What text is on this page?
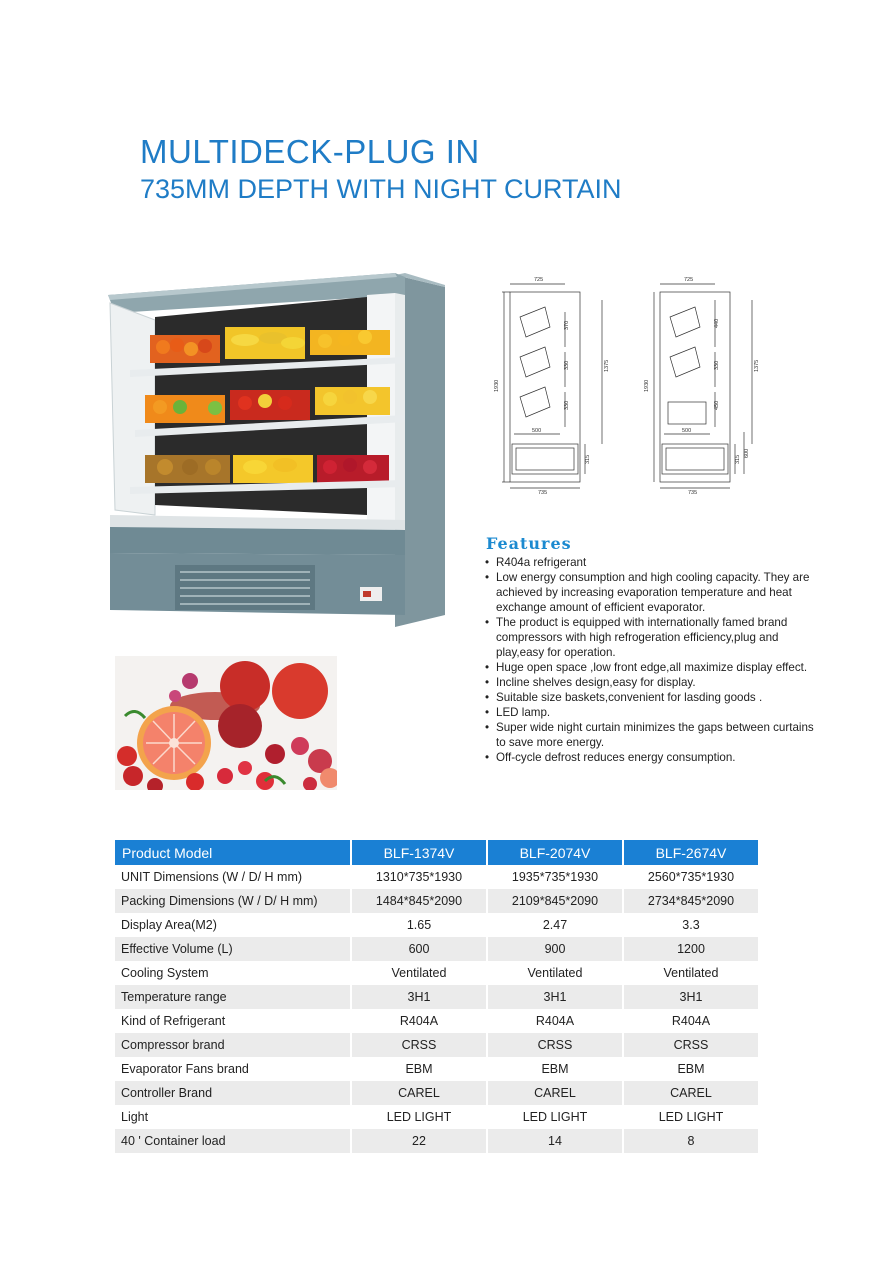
MULTIDECK-PLUG IN
735MM DEPTH WITH NIGHT CURTAIN
725
1930
1375
370
330
330
500
315
735
725
1930
1375
440
330
450
500
315
600
735
Features
• R404a refrigerant
• Low energy consumption and high cooling capacity. They are achieved by increasing evaporation temperature and heat exchange amount of efficient evaporator.
• The product is equipped with internationally famed brand compressors with high refrogeration efficiency,plug and play,easy for operation.
• Huge open space ,low front edge,all maximize display effect.
• Incline shelves design,easy for display.
• Suitable size baskets,convenient for lasding goods .
• LED lamp.
• Super wide night curtain minimizes the gaps between curtains to save more energy.
• Off-cycle defrost reduces energy consumption.
Product Model	BLF-1374V	BLF-2074V	BLF-2674V
UNIT Dimensions (W / D/ H mm)	1310*735*1930	1935*735*1930	2560*735*1930
Packing Dimensions (W / D/ H mm)	1484*845*2090	2109*845*2090	2734*845*2090
Display Area(M2)	1.65	2.47	3.3
Effective Volume (L)	600	900	1200
Cooling System	Ventilated	Ventilated	Ventilated
Temperature range	3H1	3H1	3H1
Kind of Refrigerant	R404A	R404A	R404A
Compressor brand	CRSS	CRSS	CRSS
Evaporator Fans brand	EBM	EBM	EBM
Controller Brand	CAREL	CAREL	CAREL
Light	LED LIGHT	LED LIGHT	LED LIGHT
40 ' Container load	22	14	8
